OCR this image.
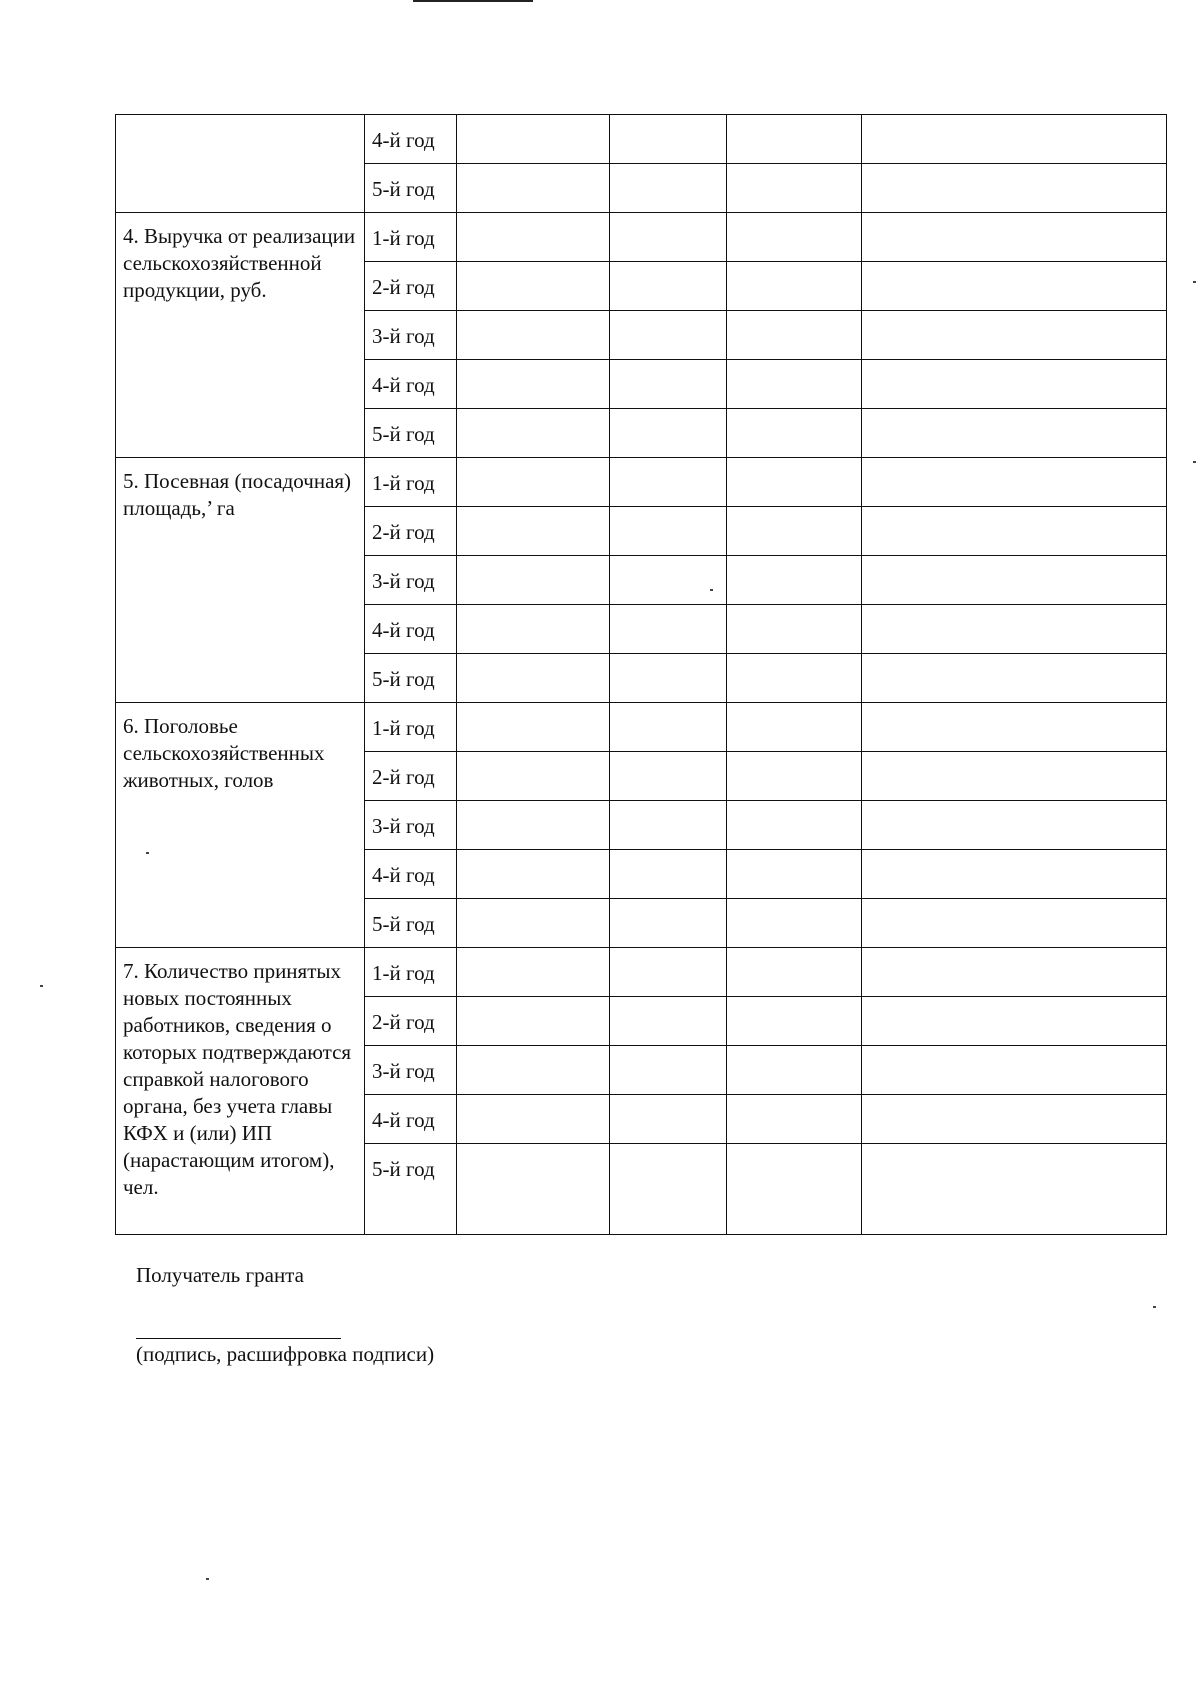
	4-й год				
	5-й год				
4. Выручка от реализации сельскохозяйственной продукции, руб.	1-й год				
	2-й год				
	3-й год				
	4-й год				
	5-й год				
5. Посевная (посадочная) площадь,’ га	1-й год				
	2-й год				
	3-й год				
	4-й год				
	5-й год				
6. Поголовье сельскохозяйственных животных, голов	1-й год				
	2-й год				
	3-й год				
	4-й год				
	5-й год				
7. Количество принятых новых постоянных работников, сведения о которых подтверждаются справкой налогового органа, без учета главы КФХ и (или) ИП (нарастающим итогом), чел.	1-й год				
	2-й год				
	3-й год				
	4-й год				
	5-й год				
Получатель гранта
(подпись, расшифровка подписи)
